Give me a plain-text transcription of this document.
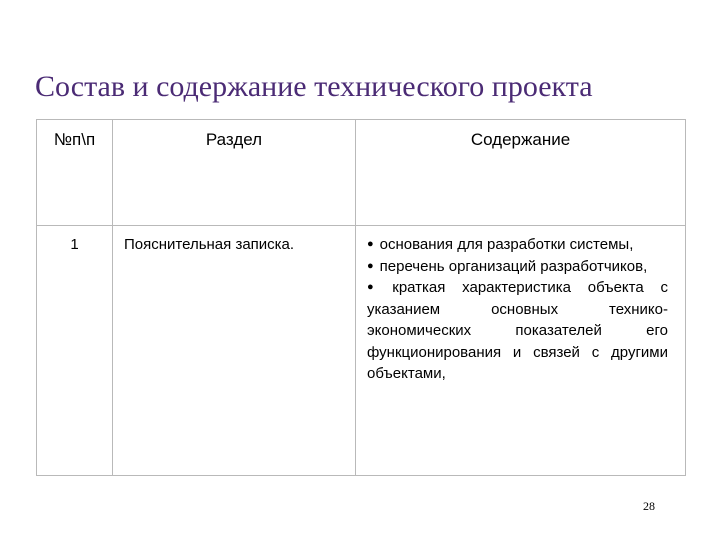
Состав и содержание технического проекта
№п\п	Раздел	Содержание
1	Пояснительная записка.	● основания для разработки системы,

● перечень организаций разработчиков,

● краткая характеристика объекта с указанием основных технико-экономических показателей его функционирования и связей с другими объектами,

28
